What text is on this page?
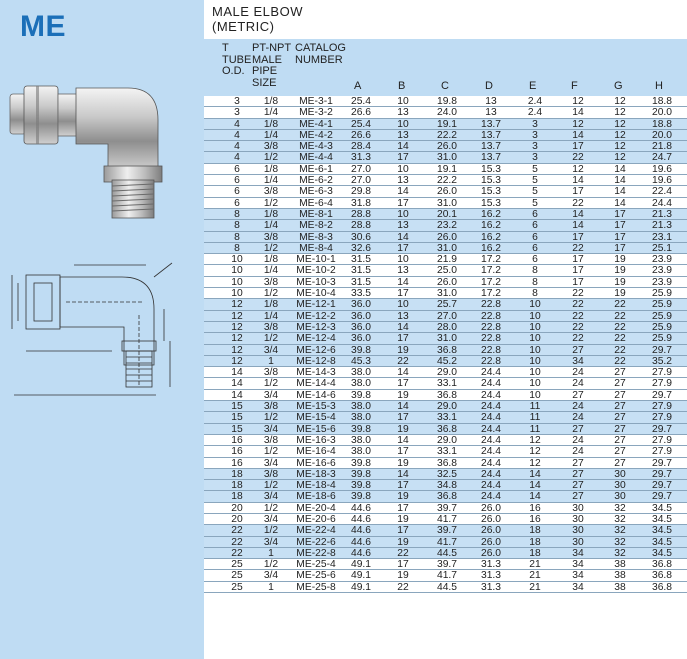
ME	MALE ELBOW
(METRIC)
T
TUBE
O.D.
PT-NPT
MALE
PIPE
SIZE
CATALOG
NUMBER
A	B	C	D	E	F	G	H
3	1/8	ME-3-1	25.4	10	19.8	13	2.4	12	12	18.8
3	1/4	ME-3-2	26.6	13	24.0	13	2.4	14	12	20.0
4	1/8	ME-4-1	25.4	10	19.1	13.7	3	12	12	18.8
4	1/4	ME-4-2	26.6	13	22.2	13.7	3	14	12	20.0
4	3/8	ME-4-3	28.4	14	26.0	13.7	3	17	12	21.8
4	1/2	ME-4-4	31.3	17	31.0	13.7	3	22	12	24.7
6	1/8	ME-6-1	27.0	10	19.1	15.3	5	12	14	19.6
6	1/4	ME-6-2	27.0	13	22.2	15.3	5	14	14	19.6
6	3/8	ME-6-3	29.8	14	26.0	15.3	5	17	14	22.4
6	1/2	ME-6-4	31.8	17	31.0	15.3	5	22	14	24.4
8	1/8	ME-8-1	28.8	10	20.1	16.2	6	14	17	21.3
8	1/4	ME-8-2	28.8	13	23.2	16.2	6	14	17	21.3
8	3/8	ME-8-3	30.6	14	26.0	16.2	6	17	17	23.1
8	1/2	ME-8-4	32.6	17	31.0	16.2	6	22	17	25.1
10	1/8	ME-10-1	31.5	10	21.9	17.2	6	17	19	23.9
10	1/4	ME-10-2	31.5	13	25.0	17.2	8	17	19	23.9
10	3/8	ME-10-3	31.5	14	26.0	17.2	8	17	19	23.9
10	1/2	ME-10-4	33.5	17	31.0	17.2	8	22	19	25.9
12	1/8	ME-12-1	36.0	10	25.7	22.8	10	22	22	25.9
12	1/4	ME-12-2	36.0	13	27.0	22.8	10	22	22	25.9
12	3/8	ME-12-3	36.0	14	28.0	22.8	10	22	22	25.9
12	1/2	ME-12-4	36.0	17	31.0	22.8	10	22	22	25.9
12	3/4	ME-12-6	39.8	19	36.8	22.8	10	27	22	29.7
12	1	ME-12-8	45.3	22	45.2	22.8	10	34	22	35.2
14	3/8	ME-14-3	38.0	14	29.0	24.4	10	24	27	27.9
14	1/2	ME-14-4	38.0	17	33.1	24.4	10	24	27	27.9
14	3/4	ME-14-6	39.8	19	36.8	24.4	10	27	27	29.7
15	3/8	ME-15-3	38.0	14	29.0	24.4	11	24	27	27.9
15	1/2	ME-15-4	38.0	17	33.1	24.4	11	24	27	27.9
15	3/4	ME-15-6	39.8	19	36.8	24.4	11	27	27	29.7
16	3/8	ME-16-3	38.0	14	29.0	24.4	12	24	27	27.9
16	1/2	ME-16-4	38.0	17	33.1	24.4	12	24	27	27.9
16	3/4	ME-16-6	39.8	19	36.8	24.4	12	27	27	29.7
18	3/8	ME-18-3	39.8	14	32.5	24.4	14	27	30	29.7
18	1/2	ME-18-4	39.8	17	34.8	24.4	14	27	30	29.7
18	3/4	ME-18-6	39.8	19	36.8	24.4	14	27	30	29.7
20	1/2	ME-20-4	44.6	17	39.7	26.0	16	30	32	34.5
20	3/4	ME-20-6	44.6	19	41.7	26.0	16	30	32	34.5
22	1/2	ME-22-4	44.6	17	39.7	26.0	18	30	32	34.5
22	3/4	ME-22-6	44.6	19	41.7	26.0	18	30	32	34.5
22	1	ME-22-8	44.6	22	44.5	26.0	18	34	32	34.5
25	1/2	ME-25-4	49.1	17	39.7	31.3	21	34	38	36.8
25	3/4	ME-25-6	49.1	19	41.7	31.3	21	34	38	36.8
25	1	ME-25-8	49.1	22	44.5	31.3	21	34	38	36.8
